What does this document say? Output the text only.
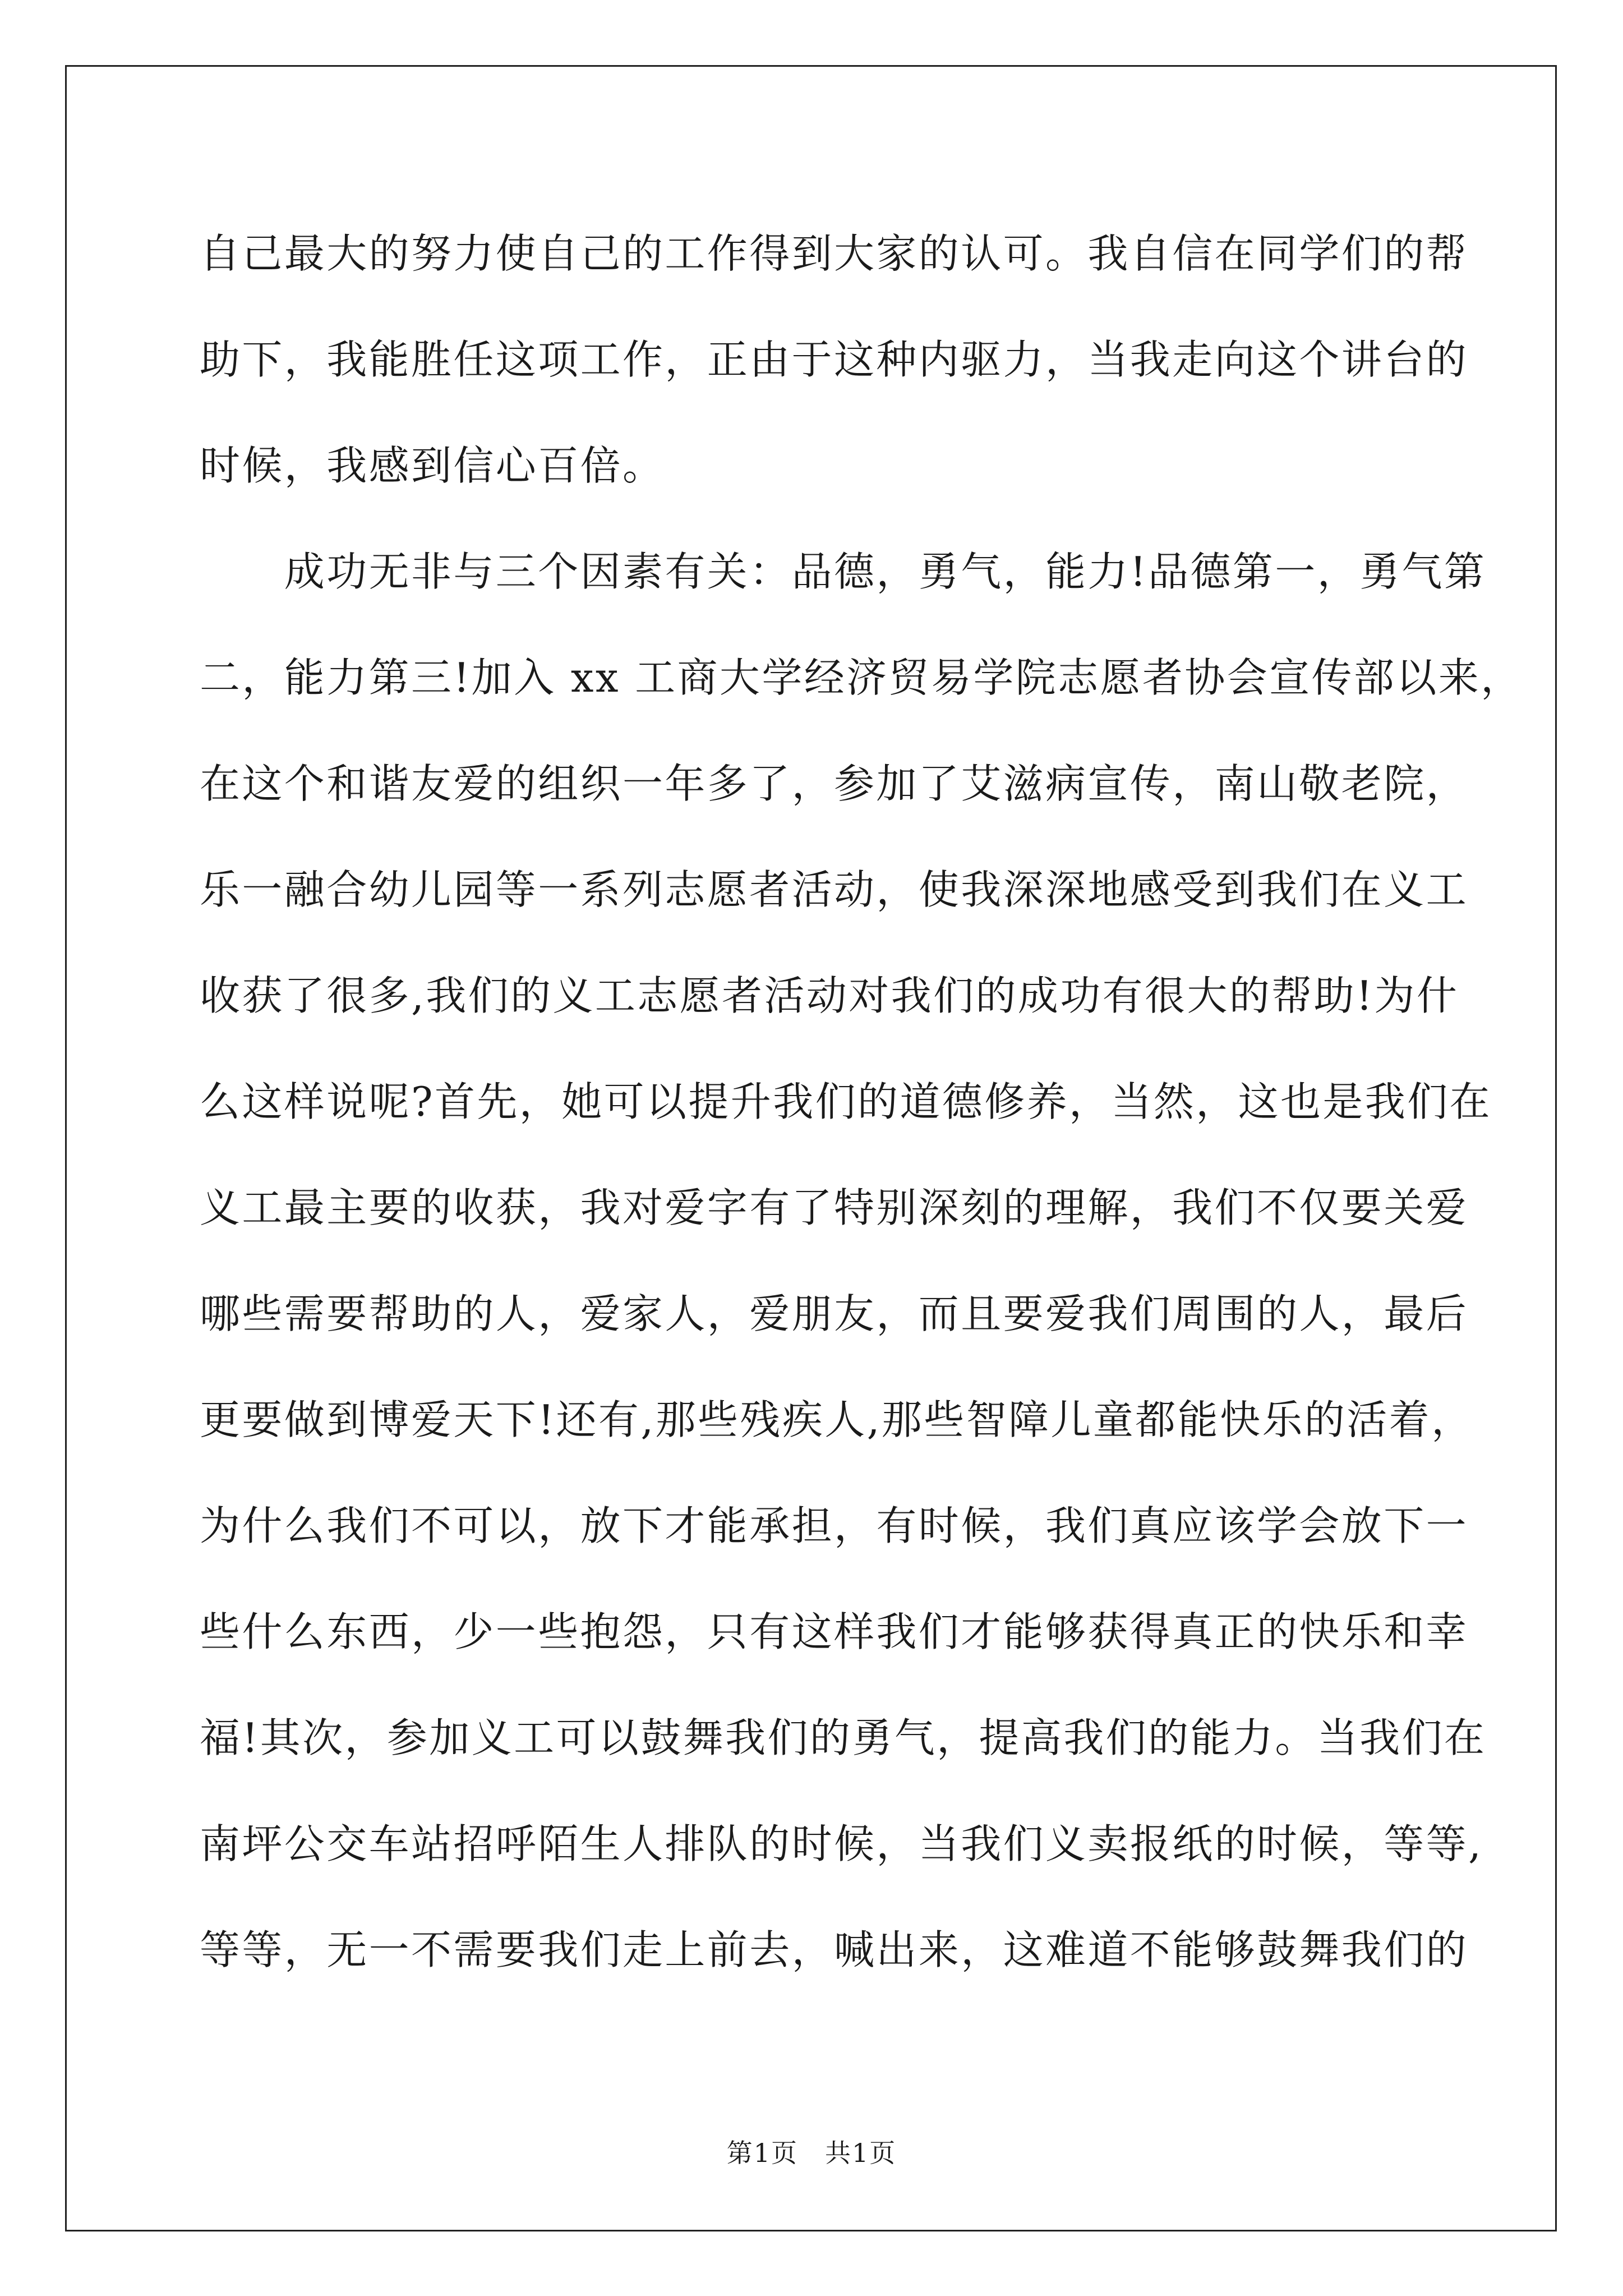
自己最大的努力使自己的工作得到大家的认可。我自信在同学们的帮
助下，我能胜任这项工作，正由于这种内驱力，当我走向这个讲台的
时候，我感到信心百倍。
　　成功无非与三个因素有关：品德，勇气，能力!品德第一，勇气第
二，能力第三!加入 xx 工商大学经济贸易学院志愿者协会宣传部以来，
在这个和谐友爱的组织一年多了，参加了艾滋病宣传，南山敬老院，
乐一融合幼儿园等一系列志愿者活动，使我深深地感受到我们在义工
收获了很多,我们的义工志愿者活动对我们的成功有很大的帮助!为什
么这样说呢?首先，她可以提升我们的道德修养，当然，这也是我们在
义工最主要的收获，我对爱字有了特别深刻的理解，我们不仅要关爱
哪些需要帮助的人，爱家人，爱朋友，而且要爱我们周围的人，最后
更要做到博爱天下!还有,那些残疾人,那些智障儿童都能快乐的活着，
为什么我们不可以，放下才能承担，有时候，我们真应该学会放下一
些什么东西，少一些抱怨，只有这样我们才能够获得真正的快乐和幸
福!其次，参加义工可以鼓舞我们的勇气，提高我们的能力。当我们在
南坪公交车站招呼陌生人排队的时候，当我们义卖报纸的时候，等等,
等等，无一不需要我们走上前去，喊出来，这难道不能够鼓舞我们的
第1页　共1页
